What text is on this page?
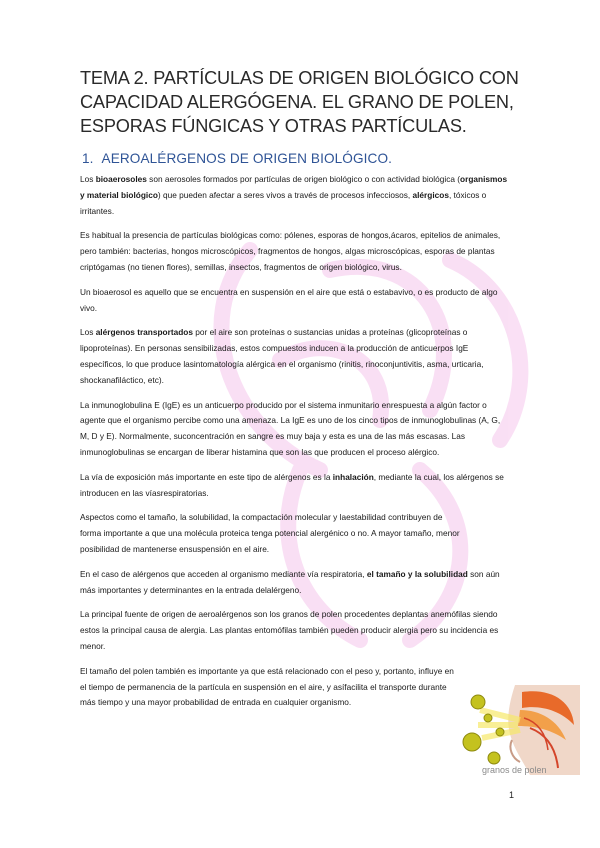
TEMA 2. PARTÍCULAS DE ORIGEN BIOLÓGICO CON CAPACIDAD ALERGÓGENA. EL GRANO DE POLEN, ESPORAS FÚNGICAS Y OTRAS PARTÍCULAS.
1. AEROALÉRGENOS DE ORIGEN BIOLÓGICO.

Los bioaerosoles son aerosoles formados por partículas de origen biológico o con actividad biológica (organismos y material biológico) que pueden afectar a seres vivos a través de procesos infecciosos, alérgicos, tóxicos o irritantes.

Es habitual la presencia de partículas biológicas como: pólenes, esporas de hongos,ácaros, epitelios de animales, pero también: bacterias, hongos microscópicos, fragmentos de hongos, algas microscópicas, esporas de plantas criptógamas (no tienen flores), semillas, insectos, fragmentos de origen biológico, virus.

Un bioaerosol es aquello que se encuentra en suspensión en el aire que está o estabavivo, o es producto de algo vivo.

Los alérgenos transportados por el aire son proteínas o sustancias unidas a proteínas (glicoproteínas o lipoproteínas). En personas sensibilizadas, estos compuestos inducen a la producción de anticuerpos IgE específicos, lo que produce lasintomatología alérgica en el organismo (rinitis, rinoconjuntivitis, asma, urticaria, shockanafiláctico, etc).

La inmunoglobulina E (IgE) es un anticuerpo producido por el sistema inmunitario enrespuesta a algún factor o agente que el organismo percibe como una amenaza. La IgE es uno de los cinco tipos de inmunoglobulinas (A, G, M, D y E). Normalmente, suconcentración en sangre es muy baja y esta es una de las más escasas. Las inmunoglobulinas se encargan de liberar histamina que son las que producen el proceso alérgico.

La vía de exposición más importante en este tipo de alérgenos es la inhalación, mediante la cual, los alérgenos se introducen en las víasrespiratorias.

Aspectos como el tamaño, la solubilidad, la compactación molecular y laestabilidad contribuyen de forma importante a que una molécula proteica tenga potencial alergénico o no. A mayor tamaño, menor posibilidad de mantenerse ensuspensión en el aire.

En el caso de alérgenos que acceden al organismo mediante vía respiratoria, el tamaño y la solubilidad son aún más importantes y determinantes en la entrada delalérgeno.

La principal fuente de origen de aeroalérgenos son los granos de polen procedentes deplantas anemófilas siendo estos la principal causa de alergia. Las plantas entomófilas también pueden producir alergia pero su incidencia es menor.

El tamaño del polen también es importante ya que está relacionado con el peso y, portanto, influye en el tiempo de permanencia de la partícula en suspensión en el aire, y asífacilita el transporte durante más tiempo y una mayor probabilidad de entrada en cualquier organismo.

granos de polen
1
